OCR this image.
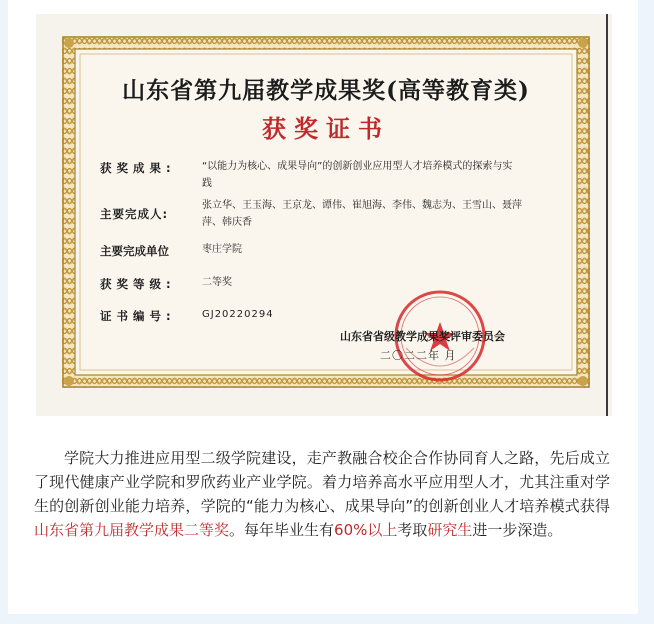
山东省第九届教学成果奖(高等教育类)
获奖证书
获奖成果:	“以能力为核心、成果导向”的创新创业应用型人才培养模式的探索与实践
主要完成人:
张立华、王玉海、王京龙、谭伟、崔旭海、李伟、魏志为、王雪山、聂萍萍、韩庆香
主要完成单位	枣庄学院
获奖等级:	二等奖
证书编号:	GJ20220294
山东省省级教学成果奖评审委员会
二〇二二年 月
学院大力推进应用型二级学院建设，走产教融合校企合作协同育人之路，先后成立了现代健康产业学院和罗欣药业产业学院。着力培养高水平应用型人才，尤其注重对学生的创新创业能力培养，学院的“能力为核心、成果导向”的创新创业人才培养模式获得山东省第九届教学成果二等奖。每年毕业生有60%以上考取研究生进一步深造。
